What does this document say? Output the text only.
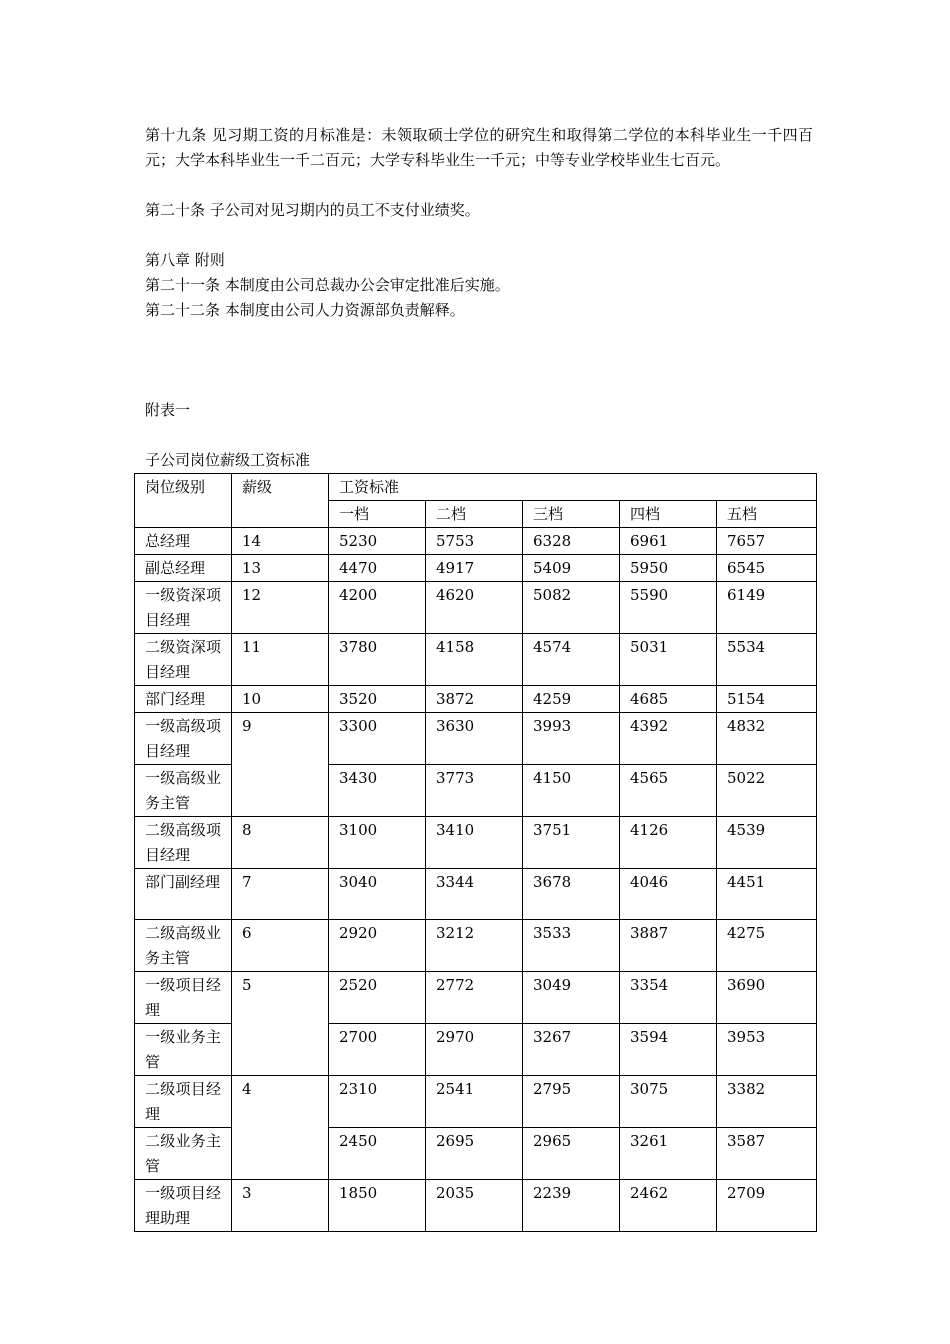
第十九条 见习期工资的月标准是：未领取硕士学位的研究生和取得第二学位的本科毕业生一千四百元；大学本科毕业生一千二百元；大学专科毕业生一千元；中等专业学校毕业生七百元。

第二十条 子公司对见习期内的员工不支付业绩奖。

第八章 附则

第二十一条 本制度由公司总裁办公会审定批准后实施。

第二十二条 本制度由公司人力资源部负责解释。

附表一

子公司岗位薪级工资标准

岗位级别	薪级	工资标准				
		一档	二档	三档	四档	五档
总经理	14	5230	5753	6328	6961	7657
副总经理	13	4470	4917	5409	5950	6545
一级资深项目经理	12	4200	4620	5082	5590	6149
二级资深项目经理	11	3780	4158	4574	5031	5534
部门经理	10	3520	3872	4259	4685	5154
一级高级项目经理	9	3300	3630	3993	4392	4832
一级高级业务主管		3430	3773	4150	4565	5022
二级高级项目经理	8	3100	3410	3751	4126	4539
部门副经理	7	3040	3344	3678	4046	4451
二级高级业务主管	6	2920	3212	3533	3887	4275
一级项目经理	5	2520	2772	3049	3354	3690
一级业务主管		2700	2970	3267	3594	3953
二级项目经理	4	2310	2541	2795	3075	3382
二级业务主管		2450	2695	2965	3261	3587
一级项目经理助理	3	1850	2035	2239	2462	2709
